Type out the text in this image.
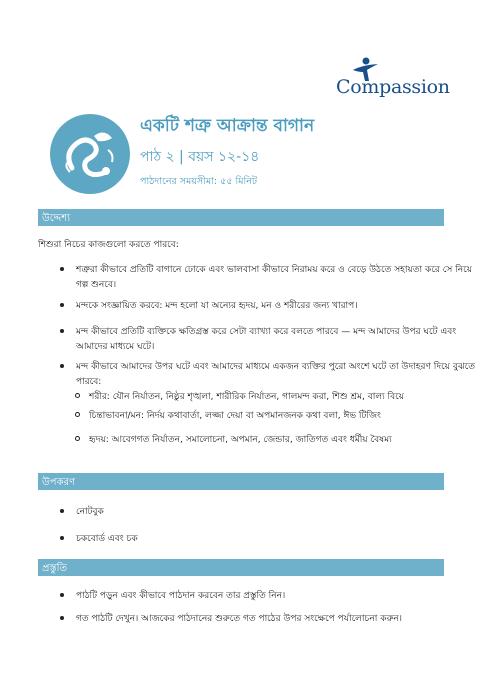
Compassion
একটি শত্রু আক্রান্ত বাগান
পাঠ ২ | বয়স ১২-১৪
পাঠদানের সময়সীমা: ৫৫ মিনিট
উদ্দেশ্য
শিশুরা নিচের কাজগুলো করতে পারবে:
শত্রুরা কীভাবে প্রতিটি বাগানে ঢোকে এবং ভালবাসা কীভাবে নিরাময় করে ও বেড়ে উঠতে সহায়তা করে সে নিয়ে
গল্প শুনবে।
মন্দকে সংজ্ঞায়িত করবে: মন্দ হলো যা অন্যের হৃদয়, মন ও শরীরের জন্য খারাপ।
মন্দ কীভাবে প্রতিটি ব্যক্তিকে ক্ষতিগ্রস্ত করে সেটা ব্যাখ্যা করে বলতে পারবে — মন্দ আমাদের উপর ঘটে এবং
আমাদের মাধ্যমে ঘটে।
মন্দ কীভাবে আমাদের উপর ঘটে এবং আমাদের মাধ্যমে একজন ব্যক্তির পুরো অংশে ঘটে তা উদাহরণ দিয়ে বুঝতে
পারবে:
শরীর: যৌন নির্যাতন, নিষ্ঠুর শৃঙ্খলা, শারীরিক নির্যাতন, গালমন্দ করা, শিশু শ্রম, বাল্য বিয়ে
চিন্তাভাবনা/মন: নির্দয় কথাবার্তা, লজ্জা দেয়া বা অপমানজনক কথা বলা, ঈভ টিজিং
হৃদয়: আবেগগত নির্যাতন, সমালোচনা, অপমান, জেন্ডার, জাতিগত এবং ধর্মীয় বৈষম্য
উপকরণ
নোটবুক
চকবোর্ড এবং চক
প্রস্তুতি
পাঠটি পড়ুন এবং কীভাবে পাঠদান করবেন তার প্রস্তুতি নিন।
গত পাঠটি দেখুন। আজকের পাঠদানের শুরুতে গত পাঠের উপর সংক্ষেপে পর্যালোচনা করুন।
